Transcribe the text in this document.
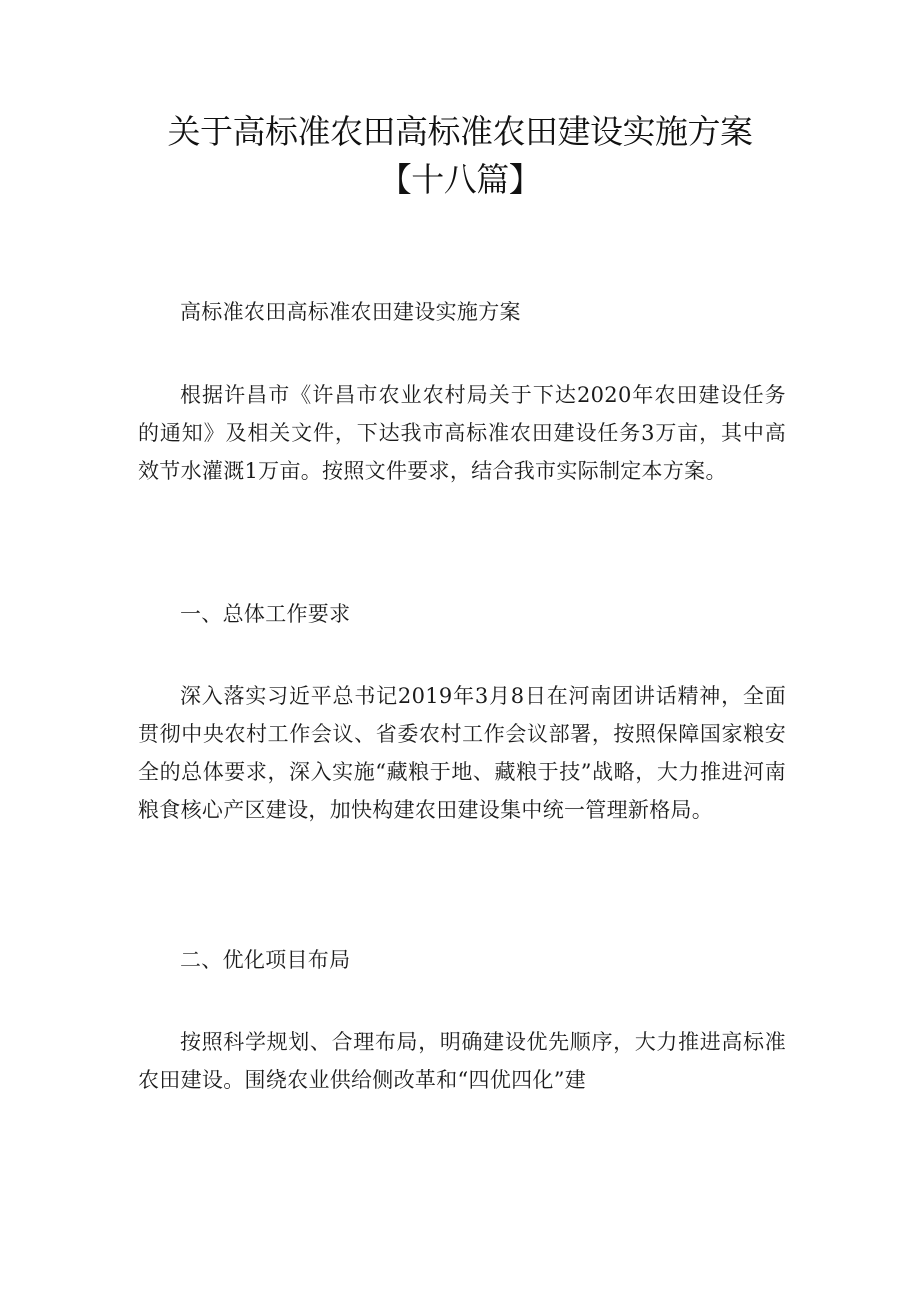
关于高标准农田高标准农田建设实施方案
【十八篇】

高标准农田高标准农田建设实施方案

根据许昌市《许昌市农业农村局关于下达2020年农田建设任务的通知》及相关文件，下达我市高标准农田建设任务3万亩，其中高效节水灌溉1万亩。按照文件要求，结合我市实际制定本方案。

一、总体工作要求

深入落实习近平总书记2019年3月8日在河南团讲话精神，全面贯彻中央农村工作会议、省委农村工作会议部署，按照保障国家粮安全的总体要求，深入实施“藏粮于地、藏粮于技”战略，大力推进河南粮食核心产区建设，加快构建农田建设集中统一管理新格局。

二、优化项目布局

按照科学规划、合理布局，明确建设优先顺序，大力推进高标准农田建设。围绕农业供给侧改革和“四优四化”建
